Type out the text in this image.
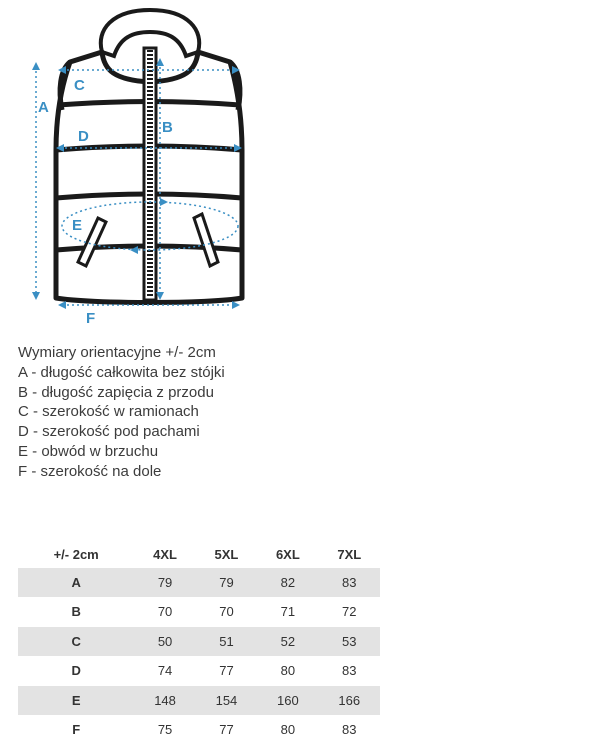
A
C
B
D
E
F
Wymiary orientacyjne +/- 2cm
A - długość całkowita bez stójki
B - długość zapięcia z przodu
C - szerokość w ramionach
D - szerokość pod pachami
E - obwód w brzuchu
F - szerokość na dole
+/- 2cm	4XL	5XL	6XL	7XL
A	79	79	82	83
B	70	70	71	72
C	50	51	52	53
D	74	77	80	83
E	148	154	160	166
F	75	77	80	83
